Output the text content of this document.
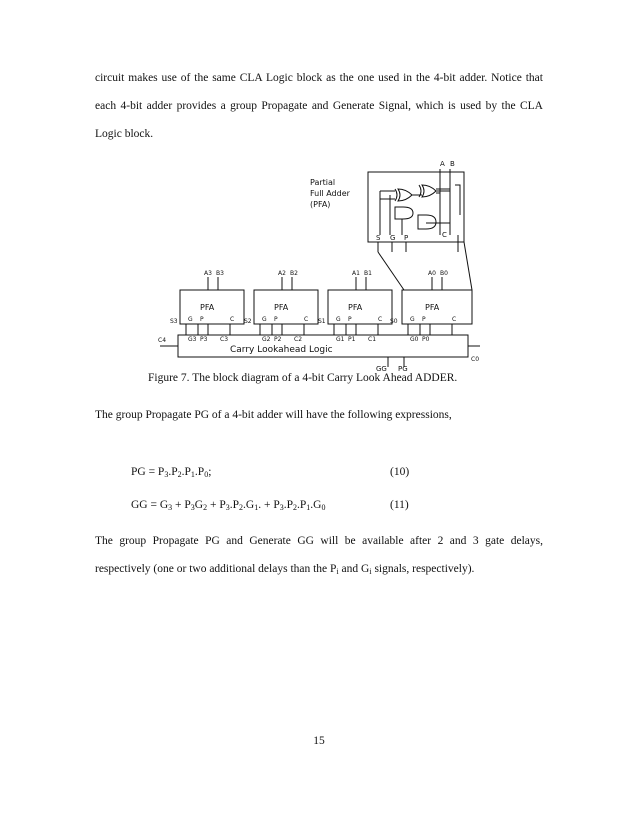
circuit makes use of the same CLA Logic block as the one used in the 4-bit adder. Notice that each 4-bit adder provides a group Propagate and Generate Signal, which is used by the CLA Logic block.
A B
S G P	C
Partial
Full Adder
(PFA)
PFA	PFA	PFA	PFA
A3 B3	A2 B2	A1 B1	A0 B0
S3	S2	S1	S0
G P	C	G P	C	G P	C	G P	C
G3 P3 C3	G2 P2 C2	G1 P1 C1	G0 P0
C4
C0
Carry Lookahead Logic
GG PG
Figure 7. The block diagram of a 4-bit Carry Look Ahead ADDER.
The group Propagate PG of a 4-bit adder will have the following expressions,
PG = $P_3.P_2.P_1.P_0$;	(10)
GG = $G_3 + P_3G_2 + P_3.P_2.G_1$. + $P_3.P_2.P_1.G_0$	(11)
The group Propagate PG and Generate GG will be available after 2 and 3 gate delays,
respectively (one or two additional delays than the $P_i$ and $G_i$ signals, respectively).
15
